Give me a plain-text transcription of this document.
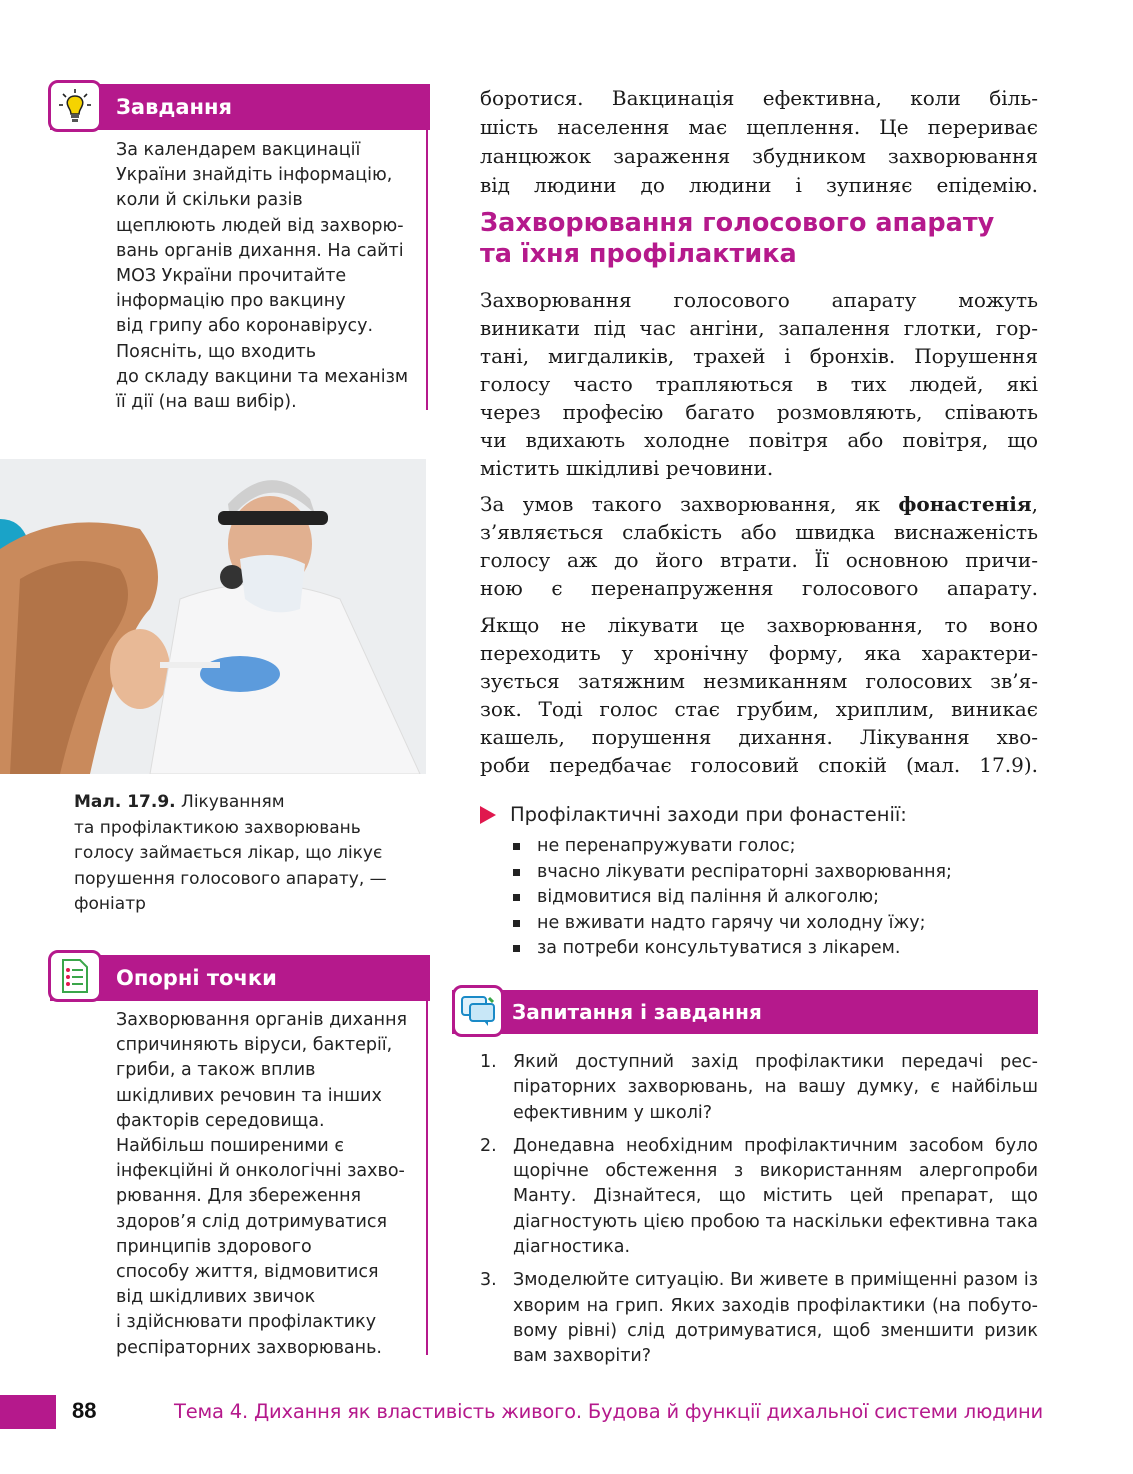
Завдання
За календарем вакцинації
України знайдіть інформацію,
коли й скільки разів
щеплюють людей від захворю-
вань органів дихання. На сайті
МОЗ України прочитайте
інформацію про вакцину
від грипу або коронавірусу.
Поясніть, що входить
до складу вакцини та механізм
її дії (на ваш вибір).
Мал. 17.9. Лікуванням
та профілактикою захворювань
голосу займається лікар, що лікує
порушення голосового апарату, —
фоніатр
Опорні точки
Захворювання органів дихання
спричиняють віруси, бактерії,
гриби, а також вплив
шкідливих речовин та інших
факторів середовища.
Найбільш поширеними є
інфекційні й онкологічні захво-
рювання. Для збереження
здоров’я слід дотримуватися
принципів здорового
способу життя, відмовитися
від шкідливих звичок
і здійснювати профілактику
респіраторних захворювань.
боротися. Вакцинація ефективна, коли біль-
шість населення має щеплення. Це перериває
ланцюжок зараження збудником захворювання
від людини до людини і зупиняє епідемію.
Захворювання голосового апарату
та їхня профілактика
Захворювання голосового апарату можуть
виникати під час ангіни, запалення глотки, гор-
тані, мигдаликів, трахей і бронхів. Порушення
голосу часто трапляються в тих людей, які
через професію багато розмовляють, співають
чи вдихають холодне повітря або повітря, що
містить шкідливі речовини.
За умов такого захворювання, як фонастенія,
з’являється слабкість або швидка виснаженість
голосу аж до його втрати. Її основною причи-
ною є перенапруження голосового апарату.
Якщо не лікувати це захворювання, то воно
переходить у хронічну форму, яка характери-
зується затяжним незмиканням голосових зв’я-
зок. Тоді голос стає грубим, хриплим, виникає
кашель, порушення дихання. Лікування хво-
роби передбачає голосовий спокій (мал. 17.9).
Профілактичні заходи при фонастенії:
не перенапружувати голос;
вчасно лікувати респіраторні захворювання;
відмовитися від паління й алкоголю;
не вживати надто гарячу чи холодну їжу;
за потреби консультуватися з лікарем.
Запитання і завдання
1. Який доступний захід профілактики передачі респіраторних захворювань, на вашу думку, є найбільш ефективним у школі?
2. Донедавна необхідним профілактичним засобом було щорічне обстеження з використанням алергопроби Манту. Дізнайтеся, що містить цей препарат, що діагностують цією пробою та наскільки ефективна така діагностика.
3. Змоделюйте ситуацію. Ви живете в приміщенні разом із хворим на грип. Яких заходів профілактики (на побутовому рівні) слід дотримуватися, щоб зменшити ризик вам захворіти?
88	Тема 4. Дихання як властивість живого. Будова й функції дихальної системи людини
